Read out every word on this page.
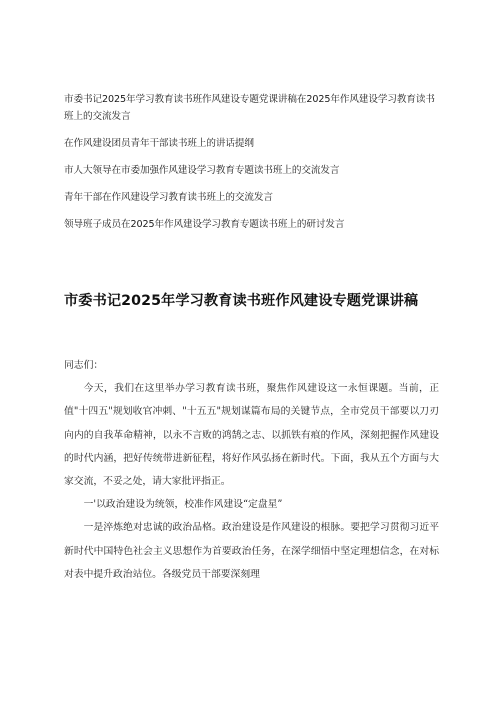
市委书记2025年学习教育读书班作风建设专题党课讲稿在2025年作风建设学习教育读书班上的交流发言
在作风建设团员青年干部读书班上的讲话提纲
市人大领导在市委加强作风建设学习教育专题读书班上的交流发言
青年干部在作风建设学习教育读书班上的交流发言
领导班子成员在2025年作风建设学习教育专题读书班上的研讨发言
市委书记2025年学习教育读书班作风建设专题党课讲稿

同志们：

今天，我们在这里举办学习教育读书班，聚焦作风建设这一永恒课题。当前，正值"十四五"规划收官冲刺、"十五五"规划谋篇布局的关键节点，全市党员干部要以刀刃向内的自我革命精神，以永不言败的鸿鹄之志、以抓铁有痕的作风，深刻把握作风建设的时代内涵，把好传统带进新征程，将好作风弘扬在新时代。下面，我从五个方面与大家交流，不妥之处，请大家批评指正。

一'以政治建设为统领，校准作风建设“定盘星”

一是淬炼绝对忠诚的政治品格。政治建设是作风建设的根脉。要把学习贯彻习近平新时代中国特色社会主义思想作为首要政治任务，在深学细悟中坚定理想信念，在对标对表中提升政治站位。各级党员干部要深刻理
